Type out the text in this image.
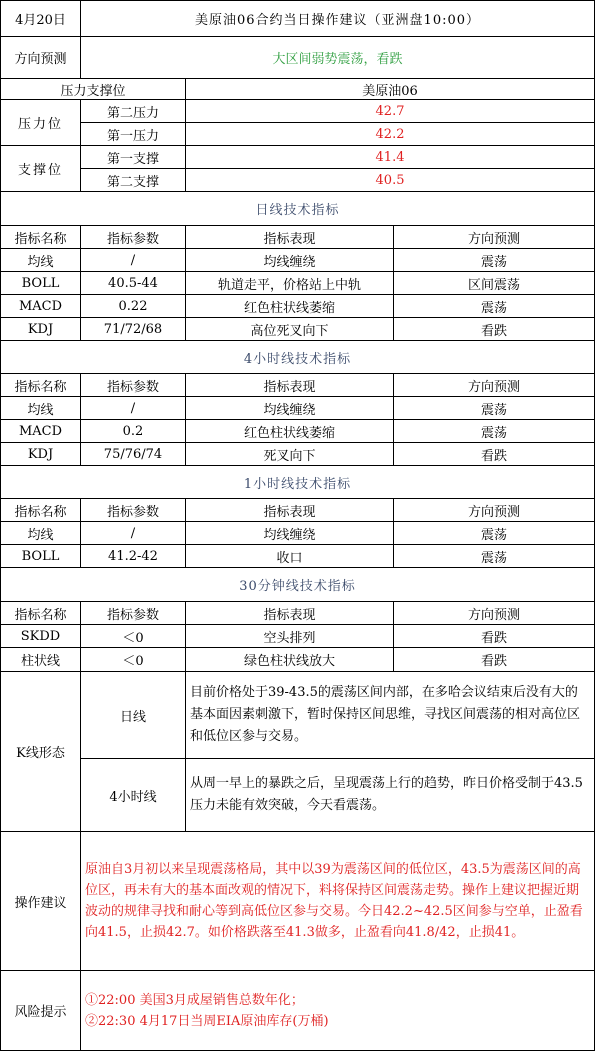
4月20日	美原油06合约当日操作建议（亚洲盘10:00）		
方向预测	大区间弱势震荡，看跌		
压力支撑位		美原油06	
压力位	第二压力	42.7	
	第一压力	42.2	
支撑位	第一支撑	41.4	
	第二支撑	40.5	
日线技术指标			
指标名称	指标参数	指标表现	方向预测
均线	/	均线缠绕	震荡
BOLL	40.5-44	轨道走平，价格站上中轨	区间震荡
MACD	0.22	红色柱状线萎缩	震荡
KDJ	71/72/68	高位死叉向下	看跌
4小时线技术指标			
指标名称	指标参数	指标表现	方向预测
均线	/	均线缠绕	震荡
MACD	0.2	红色柱状线萎缩	震荡
KDJ	75/76/74	死叉向下	看跌
1小时线技术指标			
指标名称	指标参数	指标表现	方向预测
均线	/	均线缠绕	震荡
BOLL	41.2-42	收口	震荡
30分钟线技术指标			
指标名称	指标参数	指标表现	方向预测
SKDD	＜0	空头排列	看跌
柱状线	＜0	绿色柱状线放大	看跌
K线形态	日线	目前价格处于39-43.5的震荡区间内部，在多哈会议结束后没有大的基本面因素刺激下，暂时保持区间思维，寻找区间震荡的相对高位区和低位区参与交易。	
	4小时线	从周一早上的暴跌之后，呈现震荡上行的趋势，昨日价格受制于43.5压力未能有效突破，今天看震荡。	
操作建议	原油自3月初以来呈现震荡格局，其中以39为震荡区间的低位区，43.5为震荡区间的高位区，再未有大的基本面改观的情况下，料将保持区间震荡走势。操作上建议把握近期波动的规律寻找和耐心等到高低位区参与交易。今日42.2~42.5区间参与空单，止盈看向41.5，止损42.7。如价格跌落至41.3做多，止盈看向41.8/42，止损41。		
风险提示	①22:00 美国3月成屋销售总数年化；
②22:30 4月17日当周EIA原油库存(万桶)		
